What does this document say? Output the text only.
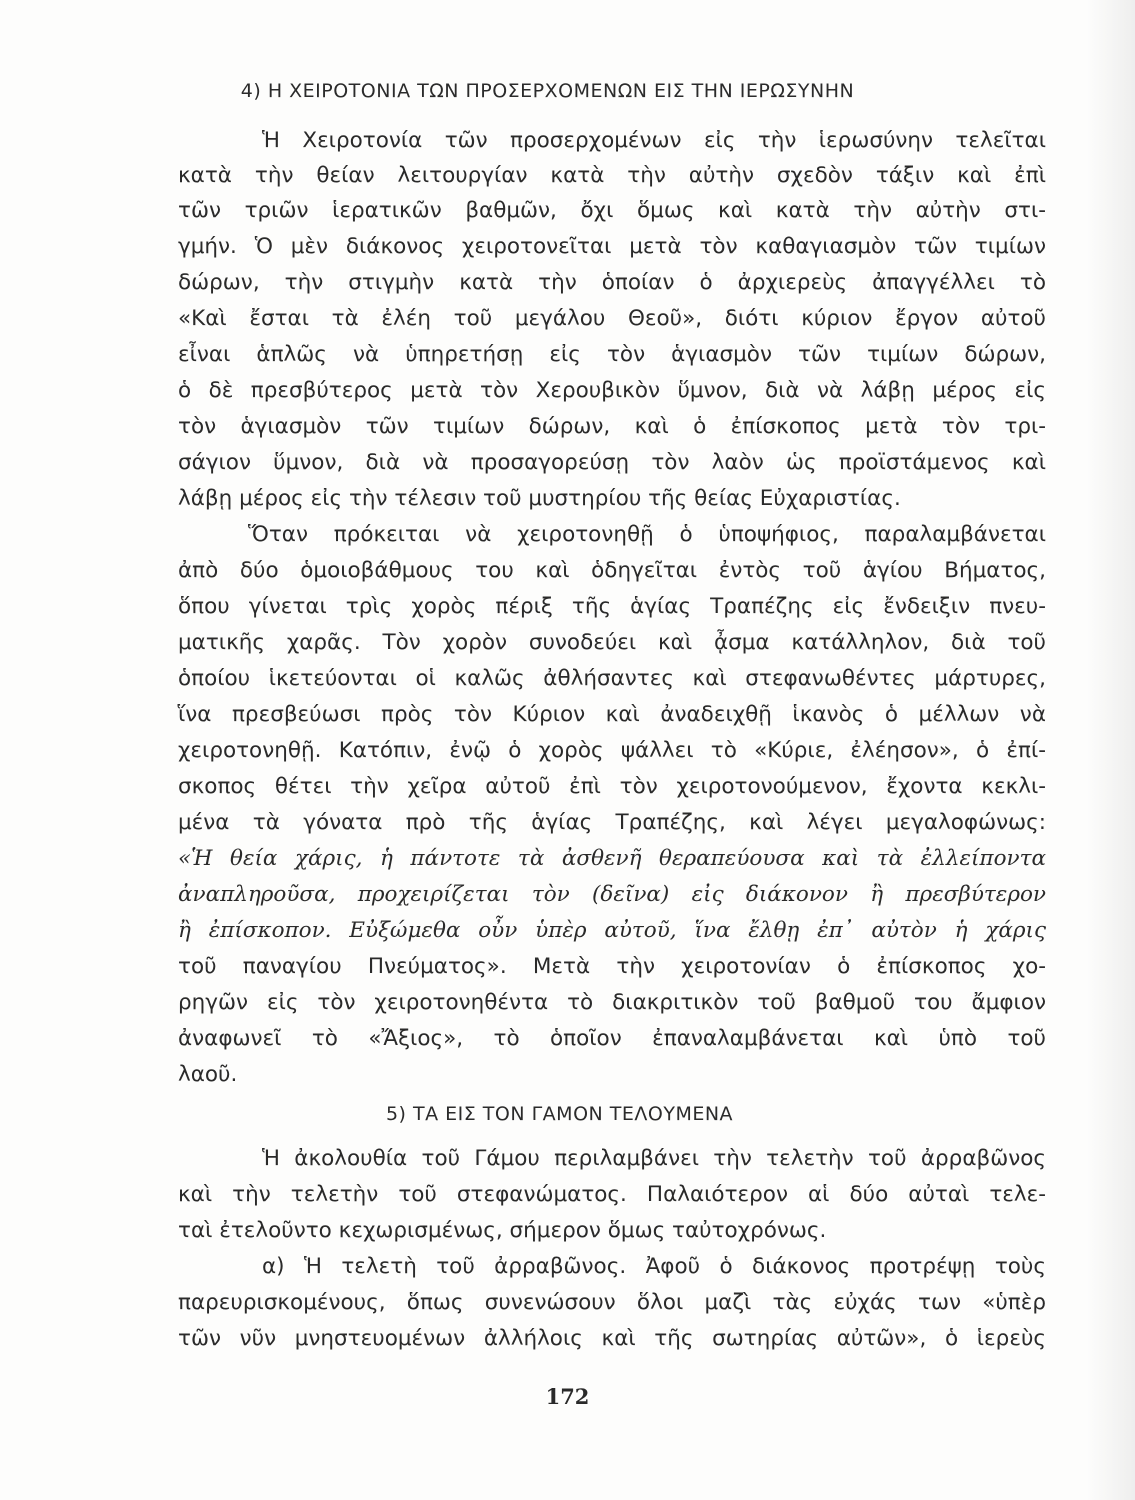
4) Η ΧΕΙΡΟΤΟΝΙΑ ΤΩΝ ΠΡΟΣΕΡΧΟΜΕΝΩΝ ΕΙΣ ΤΗΝ ΙΕΡΩΣΥΝΗΝ
Ἡ Χειροτονία τῶν προσερχομένων εἰς τὴν ἱερωσύνην τελεῖται
κατὰ τὴν θείαν λειτουργίαν κατὰ τὴν αὐτὴν σχεδὸν τάξιν καὶ ἐπὶ
τῶν τριῶν ἱερατικῶν βαθμῶν, ὄχι ὅμως καὶ κατὰ τὴν αὐτὴν στι-
γμήν. Ὁ μὲν διάκονος χειροτονεῖται μετὰ τὸν καθαγιασμὸν τῶν τιμίων
δώρων, τὴν στιγμὴν κατὰ τὴν ὁποίαν ὁ ἀρχιερεὺς ἀπαγγέλλει τὸ
«Καὶ ἔσται τὰ ἐλέη τοῦ μεγάλου Θεοῦ», διότι κύριον ἔργον αὐτοῦ
εἶναι ἁπλῶς νὰ ὑπηρετήσῃ εἰς τὸν ἁγιασμὸν τῶν τιμίων δώρων,
ὁ δὲ πρεσβύτερος μετὰ τὸν Χερουβικὸν ὕμνον, διὰ νὰ λάβῃ μέρος εἰς
τὸν ἁγιασμὸν τῶν τιμίων δώρων, καὶ ὁ ἐπίσκοπος μετὰ τὸν τρι-
σάγιον ὕμνον, διὰ νὰ προσαγορεύσῃ τὸν λαὸν ὡς προϊστάμενος καὶ
λάβῃ μέρος εἰς τὴν τέλεσιν τοῦ μυστηρίου τῆς θείας Εὐχαριστίας.
Ὅταν πρόκειται νὰ χειροτονηθῇ ὁ ὑποψήφιος, παραλαμβάνεται
ἀπὸ δύο ὁμοιοβάθμους του καὶ ὁδηγεῖται ἐντὸς τοῦ ἁγίου Βήματος,
ὅπου γίνεται τρὶς χορὸς πέριξ τῆς ἁγίας Τραπέζης εἰς ἔνδειξιν πνευ-
ματικῆς χαρᾶς. Τὸν χορὸν συνοδεύει καὶ ᾆσμα κατάλληλον, διὰ τοῦ
ὁποίου ἱκετεύονται οἱ καλῶς ἀθλήσαντες καὶ στεφανωθέντες μάρτυρες,
ἵνα πρεσβεύωσι πρὸς τὸν Κύριον καὶ ἀναδειχθῇ ἱκανὸς ὁ μέλλων νὰ
χειροτονηθῇ. Κατόπιν, ἐνῷ ὁ χορὸς ψάλλει τὸ «Κύριε, ἐλέησον», ὁ ἐπί-
σκοπος θέτει τὴν χεῖρα αὐτοῦ ἐπὶ τὸν χειροτονούμενον, ἔχοντα κεκλι-
μένα τὰ γόνατα πρὸ τῆς ἁγίας Τραπέζης, καὶ λέγει μεγαλοφώνως:
«Ἡ θεία χάρις, ἡ πάντοτε τὰ ἀσθενῆ θεραπεύουσα καὶ τὰ ἐλλείποντα
ἀναπληροῦσα, προχειρίζεται τὸν (δεῖνα) εἰς διάκονον ἢ πρεσβύτερον
ἢ ἐπίσκοπον. Εὐξώμεθα οὖν ὑπὲρ αὐτοῦ, ἵνα ἔλθῃ ἐπ᾽ αὐτὸν ἡ χάρις
τοῦ παναγίου Πνεύματος». Μετὰ τὴν χειροτονίαν ὁ ἐπίσκοπος χο-
ρηγῶν εἰς τὸν χειροτονηθέντα τὸ διακριτικὸν τοῦ βαθμοῦ του ἄμφιον
ἀναφωνεῖ τὸ «Ἄξιος», τὸ ὁποῖον ἐπαναλαμβάνεται καὶ ὑπὸ τοῦ
λαοῦ.
5) ΤΑ ΕΙΣ ΤΟΝ ΓΑΜΟΝ ΤΕΛΟΥΜΕΝΑ
Ἡ ἀκολουθία τοῦ Γάμου περιλαμβάνει τὴν τελετὴν τοῦ ἀρραβῶνος
καὶ τὴν τελετὴν τοῦ στεφανώματος. Παλαιότερον αἱ δύο αὐταὶ τελε-
ταὶ ἐτελοῦντο κεχωρισμένως, σήμερον ὅμως ταὐτοχρόνως.
α) Ἡ τελετὴ τοῦ ἀρραβῶνος. Ἀφοῦ ὁ διάκονος προτρέψῃ τοὺς
παρευρισκομένους, ὅπως συνενώσουν ὅλοι μαζὶ τὰς εὐχάς των «ὑπὲρ
τῶν νῦν μνηστευομένων ἀλλήλοις καὶ τῆς σωτηρίας αὐτῶν», ὁ ἱερεὺς
172
